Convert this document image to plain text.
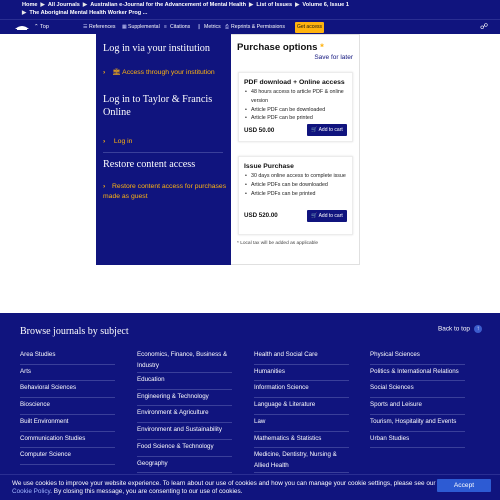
Home ▶ All Journals ▶ Australian e-Journal for the Advancement of Mental Health ▶ List of Issues ▶ Volume 6, Issue 1
▶ The Aboriginal Mental Health Worker Prog ...
⌃ Top	☰ References ▦Supplemental ≡ Citations ∥ Metrics ⎙ Reprints & Permissions	Get access	☍
Log in via your institution
› 🏛 Access through your institution
Log in to Taylor & Francis Online
› Log in
Restore content access
› Restore content access for purchases made as guest
Purchase options *
Save for later
PDF download + Online access
• 48 hours access to article PDF & online version
• Article PDF can be downloaded
• Article PDF can be printed
USD 50.00	🛒 Add to cart
Issue Purchase
• 30 days online access to complete issue
• Article PDFs can be downloaded
• Article PDFs can be printed
USD 520.00	🛒 Add to cart
* Local tax will be added as applicable
Browse journals by subject	Back to top ↑
Area Studies
Arts
Behavioral Sciences
Bioscience
Built Environment
Communication Studies
Computer Science
Economics, Finance, Business & Industry
Education
Engineering & Technology
Environment & Agriculture
Environment and Sustainability
Food Science & Technology
Geography
Health and Social Care
Humanities
Information Science
Language & Literature
Law
Mathematics & Statistics
Medicine, Dentistry, Nursing & Allied Health
Physical Sciences
Politics & International Relations
Social Sciences
Sports and Leisure
Tourism, Hospitality and Events
Urban Studies
We use cookies to improve your website experience. To learn about our use of cookies and how you can manage your cookie settings, please see our Cookie Policy. By closing this message, you are consenting to our use of cookies.
Accept
